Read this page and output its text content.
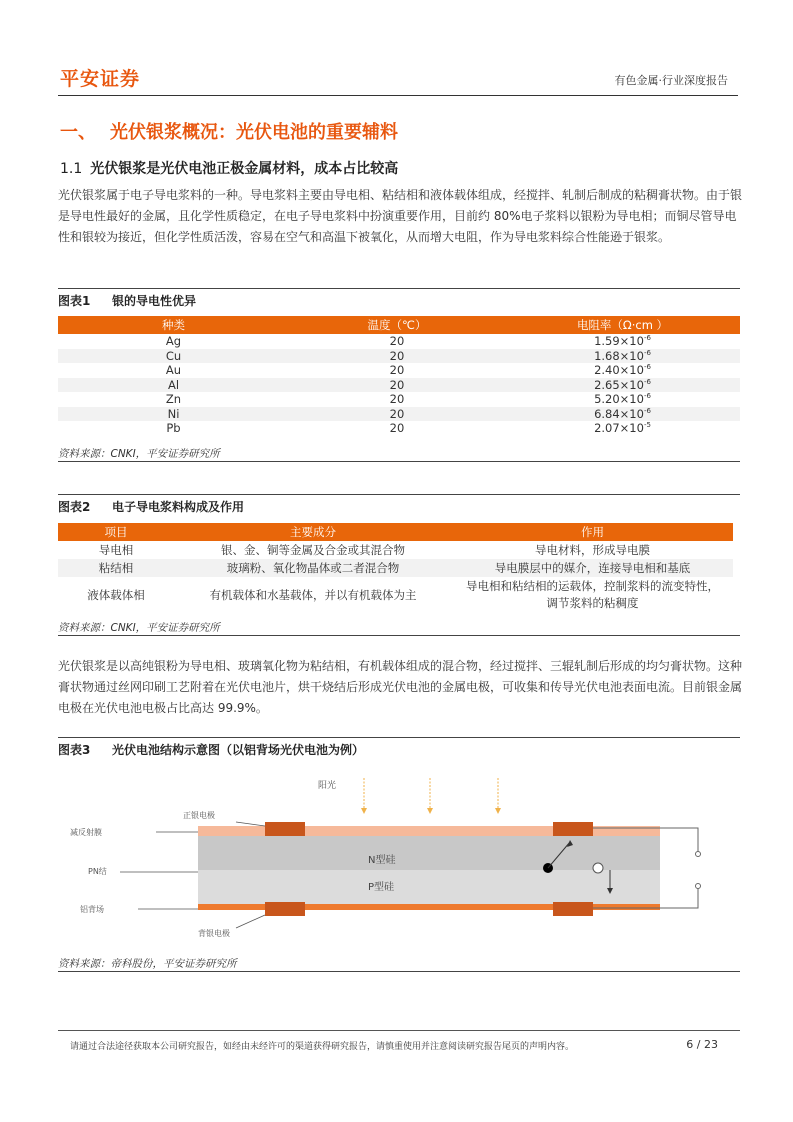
平安证券	有色金属·行业深度报告
一、 光伏银浆概况：光伏电池的重要辅料
1.1 光伏银浆是光伏电池正极金属材料，成本占比较高

光伏银浆属于电子导电浆料的一种。导电浆料主要由导电相、粘结相和液体载体组成，经搅拌、轧制后制成的粘稠膏状物。由于银是导电性最好的金属，且化学性质稳定，在电子导电浆料中扮演重要作用，目前约 80%电子浆料以银粉为导电相；而铜尽管导电性和银较为接近，但化学性质活泼，容易在空气和高温下被氧化，从而增大电阻，作为导电浆料综合性能逊于银浆。

图表1 银的导电性优异
种类	温度（℃）	电阻率（Ω·cm ）
Ag	20	$1.59\times 10^{-6}$
Cu	20	$1.68\times 10^{-6}$
Au	20	$2.40\times 10^{-6}$
Al	20	$2.65\times 10^{-6}$
Zn	20	$5.20\times 10^{-6}$
Ni	20	$6.84\times 10^{-6}$
Pb	20	$2.07\times 10^{-5}$
资料来源：CNKI，平安证券研究所
图表2 电子导电浆料构成及作用
项目	主要成分	作用
导电相	银、金、铜等金属及合金或其混合物	导电材料，形成导电膜
粘结相	玻璃粉、氧化物晶体或二者混合物	导电膜层中的媒介，连接导电相和基底
液体载体相	有机载体和水基载体，并以有机载体为主	导电相和粘结相的运载体，控制浆料的流变特性，
调节浆料的粘稠度
资料来源：CNKI，平安证券研究所

光伏银浆是以高纯银粉为导电相、玻璃氧化物为粘结相，有机载体组成的混合物，经过搅拌、三辊轧制后形成的均匀膏状物。这种膏状物通过丝网印刷工艺附着在光伏电池片，烘干烧结后形成光伏电池的金属电极，可收集和传导光伏电池表面电流。目前银金属电极在光伏电池电极占比高达 99.9%。

图表3 光伏电池结构示意图（以铝背场光伏电池为例）
阳光
正银电极
减反射膜
PN结
铝背场
背银电极
N型硅
P型硅
资料来源：帝科股份，平安证券研究所
请通过合法途径获取本公司研究报告，如经由未经许可的渠道获得研究报告，请慎重使用并注意阅读研究报告尾页的声明内容。	6 / 23
